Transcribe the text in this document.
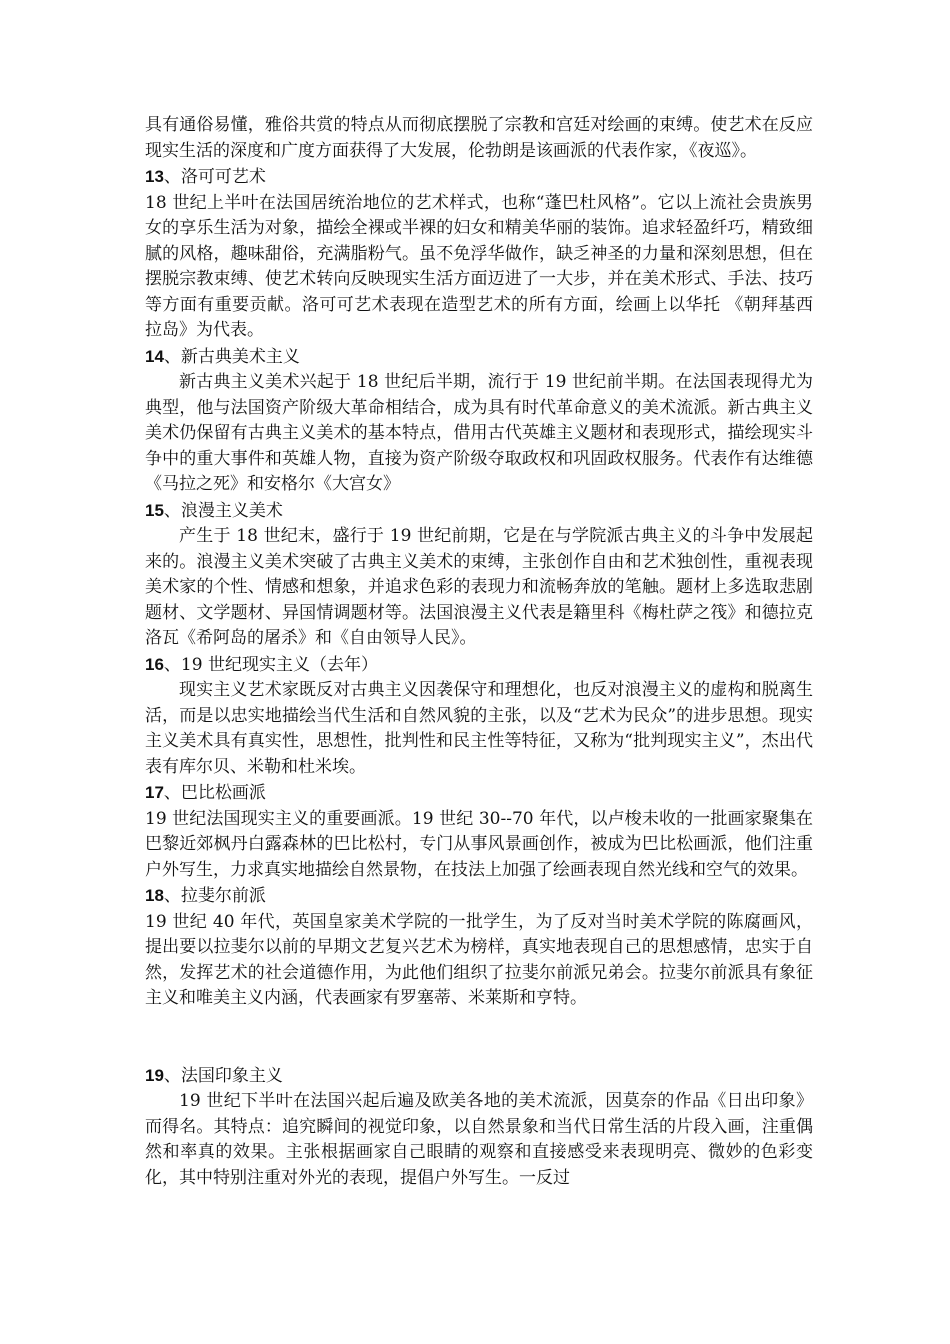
具有通俗易懂，雅俗共赏的特点从而彻底摆脱了宗教和宫廷对绘画的束缚。使艺术在反应现实生活的深度和广度方面获得了大发展，伦勃朗是该画派的代表作家，《夜巡》。

13、洛可可艺术

18 世纪上半叶在法国居统治地位的艺术样式，也称“蓬巴杜风格”。它以上流社会贵族男女的享乐生活为对象，描绘全裸或半裸的妇女和精美华丽的装饰。追求轻盈纤巧，精致细腻的风格，趣味甜俗，充满脂粉气。虽不免浮华做作，缺乏神圣的力量和深刻思想，但在摆脱宗教束缚、使艺术转向反映现实生活方面迈进了一大步，并在美术形式、手法、技巧等方面有重要贡献。洛可可艺术表现在造型艺术的所有方面，绘画上以华托 《朝拜基西拉岛》为代表。

14、新古典美术主义

新古典主义美术兴起于 18 世纪后半期，流行于 19 世纪前半期。在法国表现得尤为典型，他与法国资产阶级大革命相结合，成为具有时代革命意义的美术流派。新古典主义美术仍保留有古典主义美术的基本特点，借用古代英雄主义题材和表现形式，描绘现实斗争中的重大事件和英雄人物，直接为资产阶级夺取政权和巩固政权服务。代表作有达维德《马拉之死》和安格尔《大宫女》

15、浪漫主义美术

产生于 18 世纪末，盛行于 19 世纪前期，它是在与学院派古典主义的斗争中发展起来的。浪漫主义美术突破了古典主义美术的束缚，主张创作自由和艺术独创性，重视表现美术家的个性、情感和想象，并追求色彩的表现力和流畅奔放的笔触。题材上多选取悲剧题材、文学题材、异国情调题材等。法国浪漫主义代表是籍里科《梅杜萨之筏》和德拉克洛瓦《希阿岛的屠杀》和《自由领导人民》。

16、19 世纪现实主义（去年）

现实主义艺术家既反对古典主义因袭保守和理想化，也反对浪漫主义的虚构和脱离生活，而是以忠实地描绘当代生活和自然风貌的主张，以及“艺术为民众”的进步思想。现实主义美术具有真实性，思想性，批判性和民主性等特征，又称为“批判现实主义”，杰出代表有库尔贝、米勒和杜米埃。

17、巴比松画派

19 世纪法国现实主义的重要画派。19 世纪 30--70 年代，以卢梭未收的一批画家聚集在巴黎近郊枫丹白露森林的巴比松村，专门从事风景画创作，被成为巴比松画派，他们注重户外写生，力求真实地描绘自然景物，在技法上加强了绘画表现自然光线和空气的效果。

18、拉斐尔前派

19 世纪 40 年代，英国皇家美术学院的一批学生，为了反对当时美术学院的陈腐画风，提出要以拉斐尔以前的早期文艺复兴艺术为榜样，真实地表现自己的思想感情，忠实于自然，发挥艺术的社会道德作用，为此他们组织了拉斐尔前派兄弟会。拉斐尔前派具有象征主义和唯美主义内涵，代表画家有罗塞蒂、米莱斯和亨特。

19、法国印象主义

19 世纪下半叶在法国兴起后遍及欧美各地的美术流派，因莫奈的作品《日出印象》而得名。其特点：追究瞬间的视觉印象，以自然景象和当代日常生活的片段入画，注重偶然和率真的效果。主张根据画家自己眼睛的观察和直接感受来表现明亮、微妙的色彩变化，其中特别注重对外光的表现，提倡户外写生。一反过
